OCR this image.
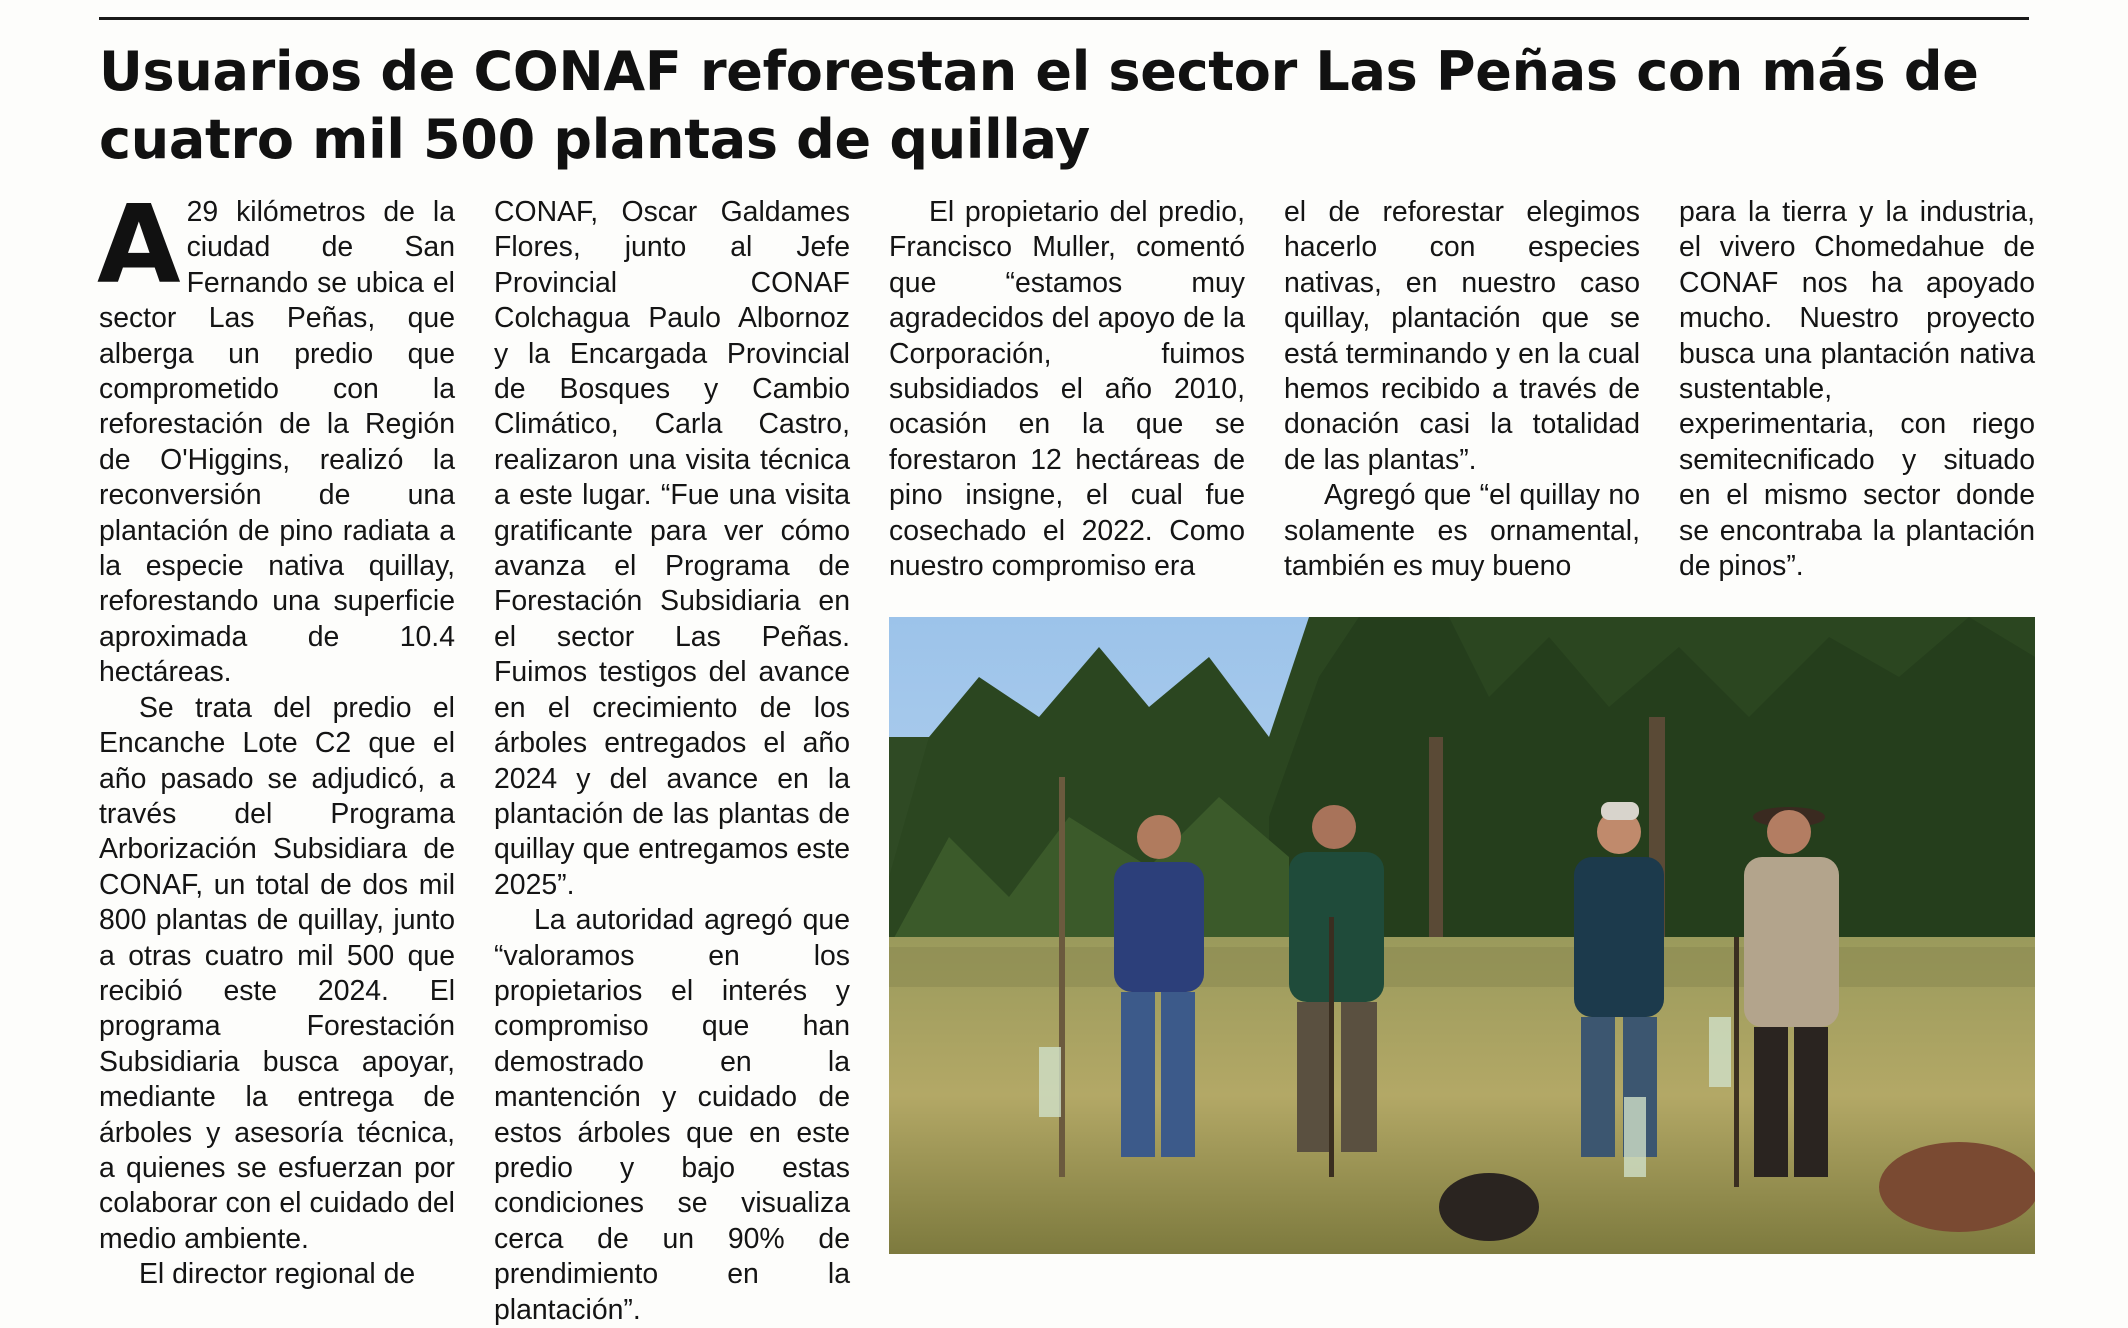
Usuarios de CONAF reforestan el sector Las Peñas con más de cuatro mil 500 plantas de quillay

A 29 kilómetros de la ciudad de San Fernando se ubica el sector Las Peñas, que alberga un predio que comprometido con la reforestación de la Región de O'Higgins, realizó la reconversión de una plantación de pino radiata a la especie nativa quillay, reforestando una superficie aproximada de 10.4 hectáreas.

Se trata del predio el Encanche Lote C2 que el año pasado se adjudicó, a través del Programa Arborización Subsidiara de CONAF, un total de dos mil 800 plantas de quillay, junto a otras cuatro mil 500 que recibió este 2024. El programa Forestación Subsidiaria busca apoyar, mediante la entrega de árboles y asesoría técnica, a quienes se esfuerzan por colaborar con el cuidado del medio ambiente.

El director regional de

CONAF, Oscar Galdames Flores, junto al Jefe Provincial CONAF Colchagua Paulo Albornoz y la Encargada Provincial de Bosques y Cambio Climático, Carla Castro, realizaron una visita técnica a este lugar. “Fue una visita gratificante para ver cómo avanza el Programa de Forestación Subsidiaria en el sector Las Peñas. Fuimos testigos del avance en el crecimiento de los árboles entregados el año 2024 y del avance en la plantación de las plantas de quillay que entregamos este 2025”.

La autoridad agregó que “valoramos en los propietarios el interés y compromiso que han demostrado en la mantención y cuidado de estos árboles que en este predio y bajo estas condiciones se visualiza cerca de un 90% de prendimiento en la plantación”.

El propietario del predio, Francisco Muller, comentó que “estamos muy agradecidos del apoyo de la Corporación, fuimos subsidiados el año 2010, ocasión en la que se forestaron 12 hectáreas de pino insigne, el cual fue cosechado el 2022. Como nuestro compromiso era

el de reforestar elegimos hacerlo con especies nativas, en nuestro caso quillay, plantación que se está terminando y en la cual hemos recibido a través de donación casi la totalidad de las plantas”.

Agregó que “el quillay no solamente es ornamental, también es muy bueno

para la tierra y la industria, el vivero Chomedahue de CONAF nos ha apoyado mucho. Nuestro proyecto busca una plantación nativa sustentable, experimentaria, con riego semitecnificado y situado en el mismo sector donde se encontraba la plantación de pinos”.
